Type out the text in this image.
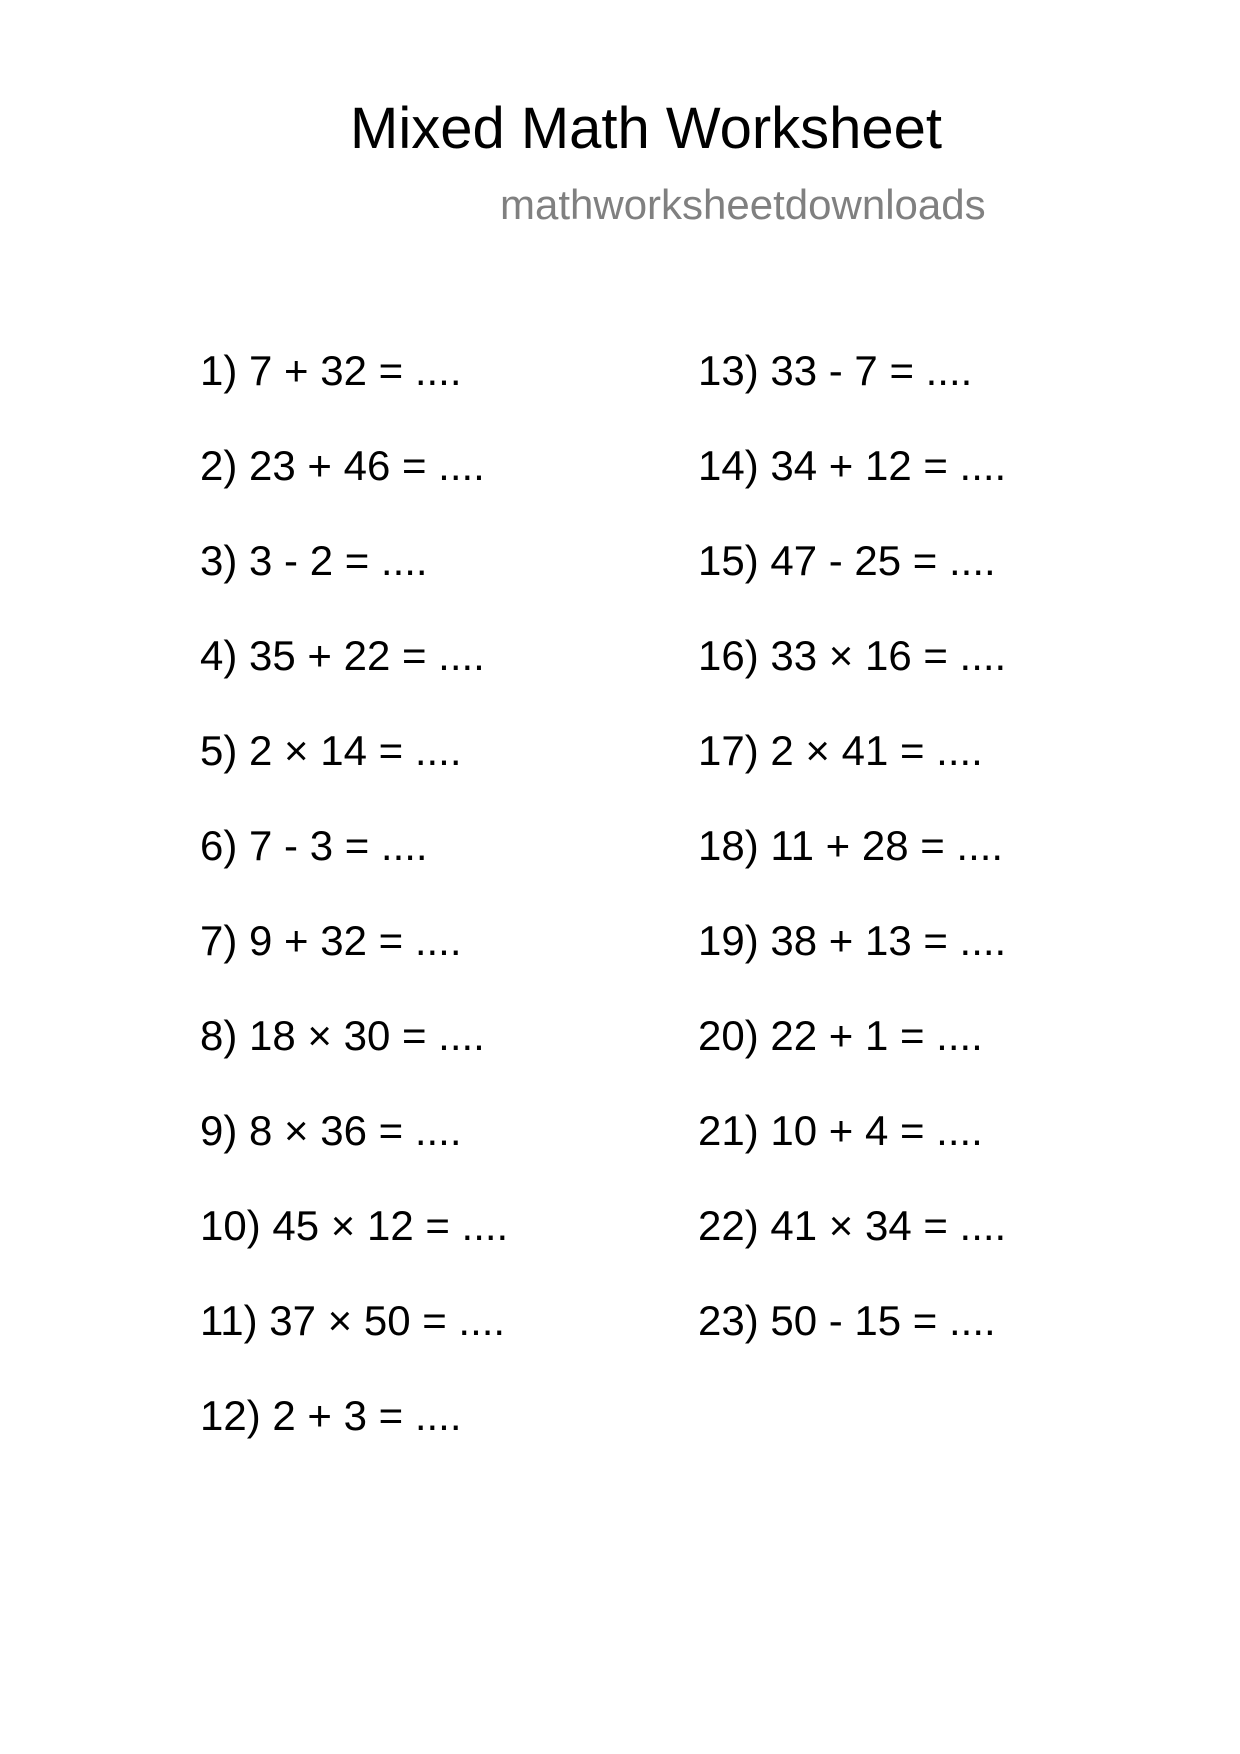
Mixed Math Worksheet
mathworksheetdownloads
1) 7 + 32 = ....
2) 23 + 46 = ....
3) 3 - 2 = ....
4) 35 + 22 = ....
5) 2 × 14 = ....
6) 7 - 3 = ....
7) 9 + 32 = ....
8) 18 × 30 = ....
9) 8 × 36 = ....
10) 45 × 12 = ....
11) 37 × 50 = ....
12) 2 + 3 = ....
13) 33 - 7 = ....
14) 34 + 12 = ....
15) 47 - 25 = ....
16) 33 × 16 = ....
17) 2 × 41 = ....
18) 11 + 28 = ....
19) 38 + 13 = ....
20) 22 + 1 = ....
21) 10 + 4 = ....
22) 41 × 34 = ....
23) 50 - 15 = ....
